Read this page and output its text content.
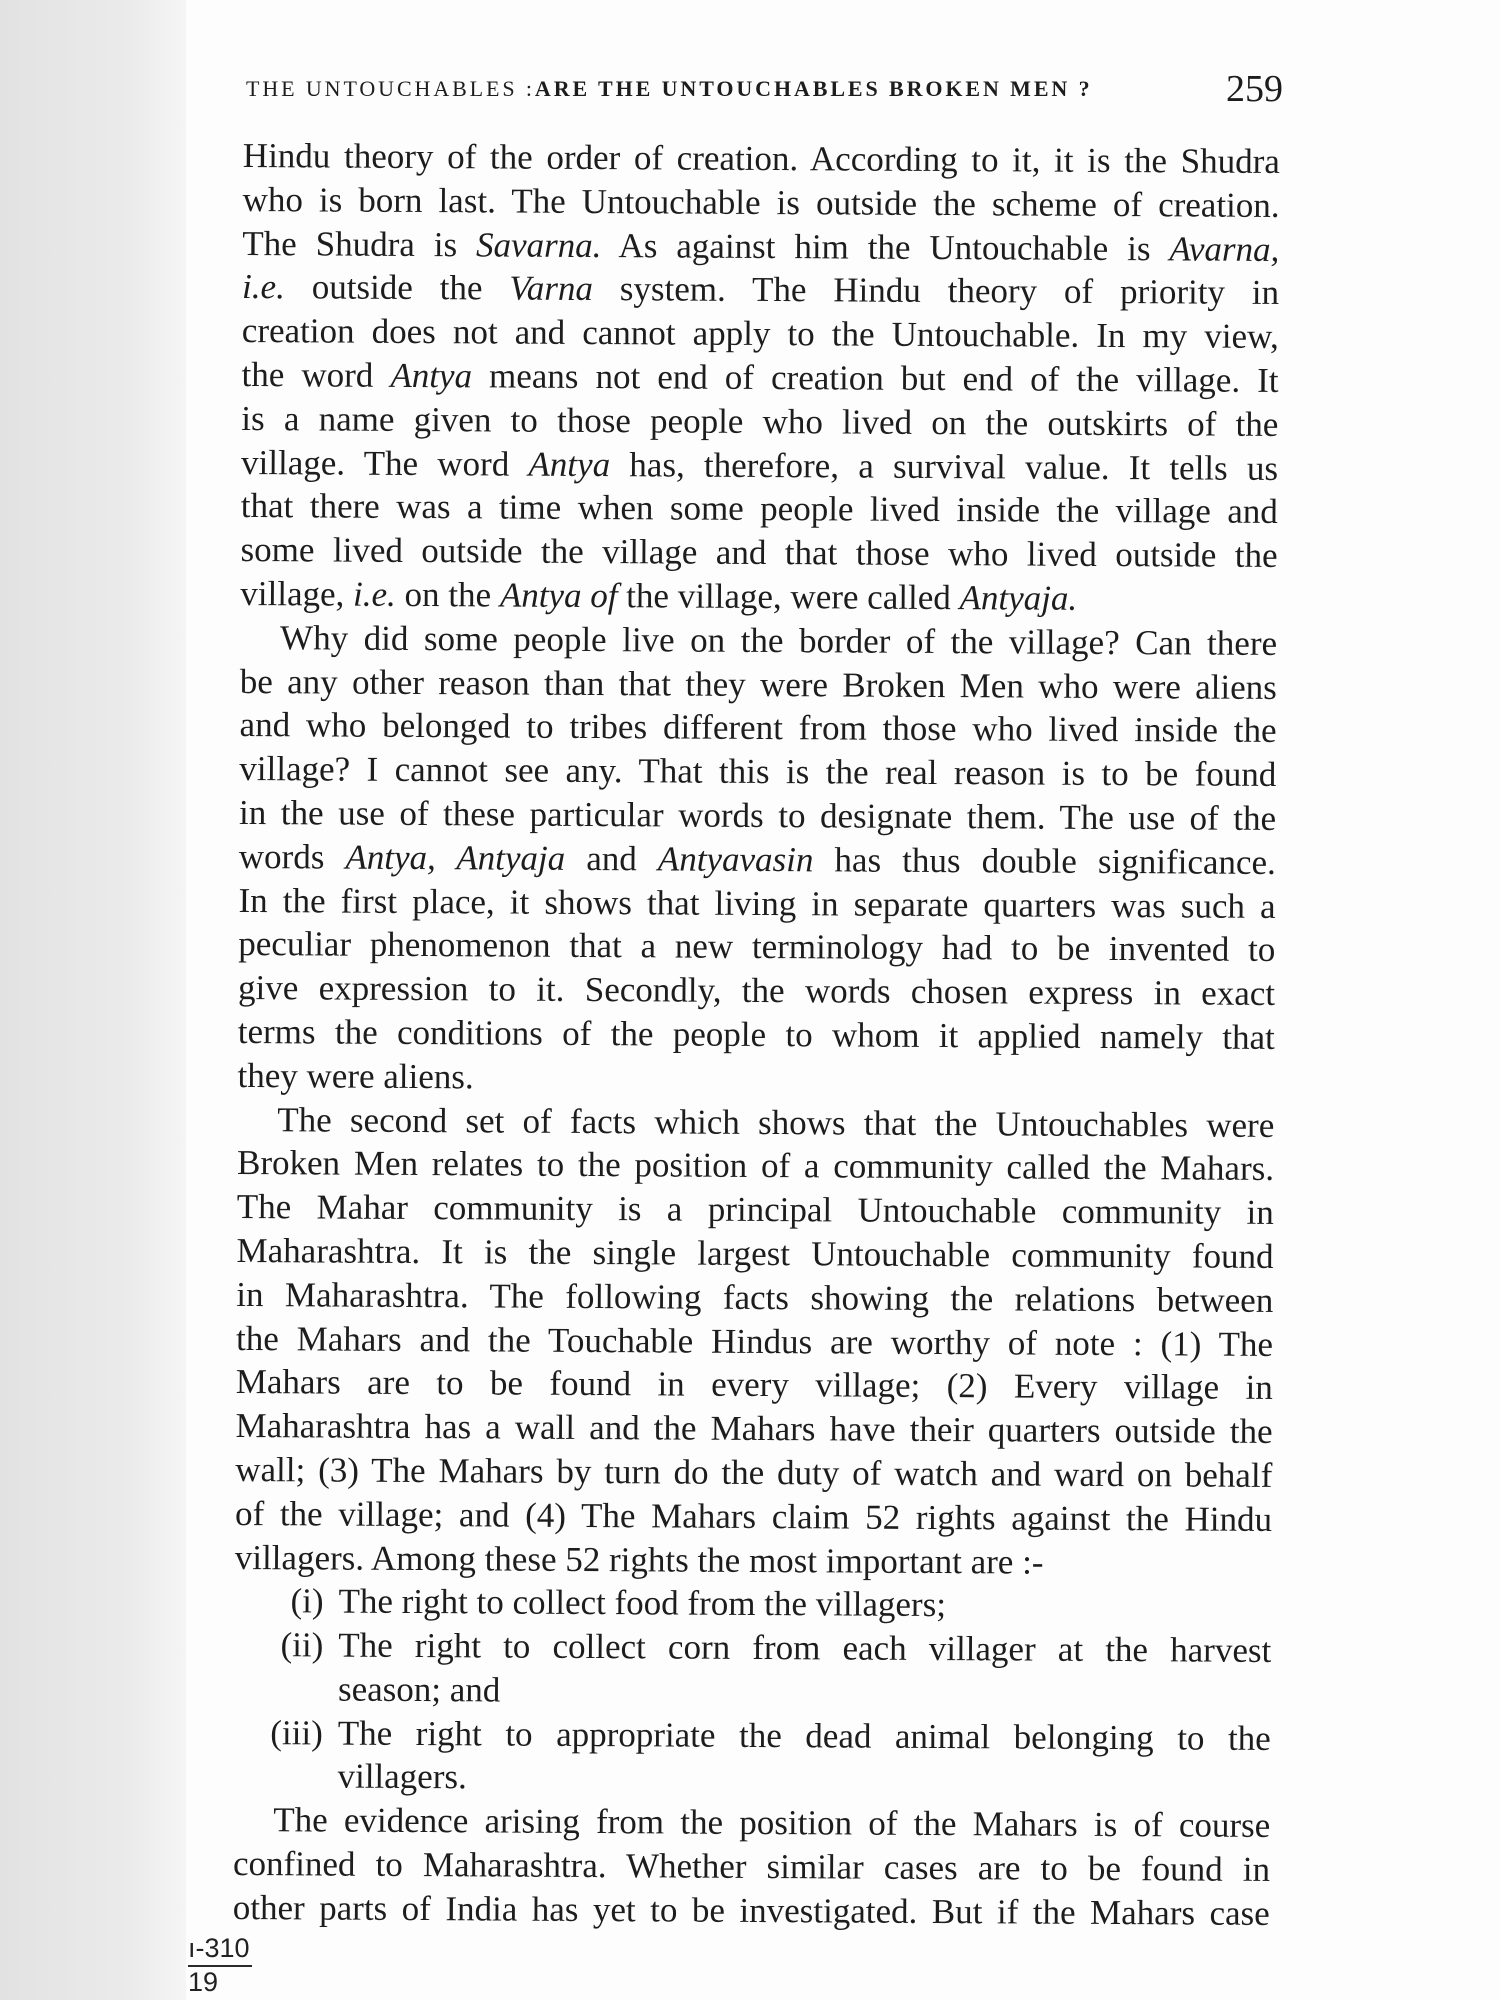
THE UNTOUCHABLES :ARE THE UNTOUCHABLES BROKEN MEN ?	259
Hindu theory of the order of creation. According to it, it is the Shudra
who is born last. The Untouchable is outside the scheme of creation.
The Shudra is Savarna. As against him the Untouchable is Avarna,
i.e. outside the Varna system. The Hindu theory of priority in
creation does not and cannot apply to the Untouchable. In my view,
the word Antya means not end of creation but end of the village. It
is a name given to those people who lived on the outskirts of the
village. The word Antya has, therefore, a survival value. It tells us
that there was a time when some people lived inside the village and
some lived outside the village and that those who lived outside the
village, i.e. on the Antya of the village, were called Antyaja.
Why did some people live on the border of the village? Can there
be any other reason than that they were Broken Men who were aliens
and who belonged to tribes different from those who lived inside the
village? I cannot see any. That this is the real reason is to be found
in the use of these particular words to designate them. The use of the
words Antya, Antyaja and Antyavasin has thus double significance.
In the first place, it shows that living in separate quarters was such a
peculiar phenomenon that a new terminology had to be invented to
give expression to it. Secondly, the words chosen express in exact
terms the conditions of the people to whom it applied namely that
they were aliens.
The second set of facts which shows that the Untouchables were
Broken Men relates to the position of a community called the Mahars.
The Mahar community is a principal Untouchable community in
Maharashtra. It is the single largest Untouchable community found
in Maharashtra. The following facts showing the relations between
the Mahars and the Touchable Hindus are worthy of note : (1) The
Mahars are to be found in every village; (2) Every village in
Maharashtra has a wall and the Mahars have their quarters outside the
wall; (3) The Mahars by turn do the duty of watch and ward on behalf
of the village; and (4) The Mahars claim 52 rights against the Hindu
villagers. Among these 52 rights the most important are :-
(i) The right to collect food from the villagers;
(ii) The right to collect corn from each villager at the harvest
season; and
(iii) The right to appropriate the dead animal belonging to the
villagers.
The evidence arising from the position of the Mahars is of course
confined to Maharashtra. Whether similar cases are to be found in
other parts of India has yet to be investigated. But if the Mahars case
ı-310
19
